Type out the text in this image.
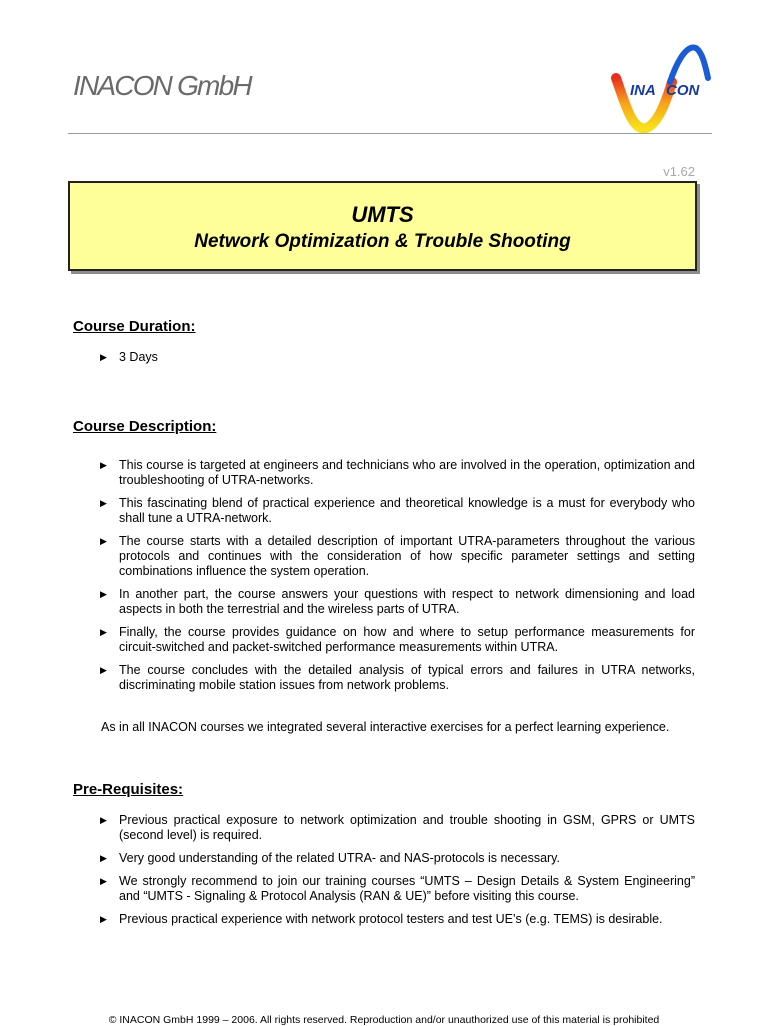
INACON GmbH	INA CON
v1.62
UMTS
Network Optimization & Trouble Shooting
Course Duration:
▶ 3 Days
Course Description:
▶ This course is targeted at engineers and technicians who are involved in the operation, optimization and troubleshooting of UTRA-networks.
▶ This fascinating blend of practical experience and theoretical knowledge is a must for everybody who shall tune a UTRA-network.
▶ The course starts with a detailed description of important UTRA-parameters throughout the various protocols and continues with the consideration of how specific parameter settings and setting combinations influence the system operation.
▶ In another part, the course answers your questions with respect to network dimensioning and load aspects in both the terrestrial and the wireless parts of UTRA.
▶ Finally, the course provides guidance on how and where to setup performance measurements for circuit-switched and packet-switched performance measurements within UTRA.
▶ The course concludes with the detailed analysis of typical errors and failures in UTRA networks, discriminating mobile station issues from network problems.
As in all INACON courses we integrated several interactive exercises for a perfect learning experience.
Pre-Requisites:
▶ Previous practical exposure to network optimization and trouble shooting in GSM, GPRS or UMTS (second level) is required.
▶ Very good understanding of the related UTRA- and NAS-protocols is necessary.
▶ We strongly recommend to join our training courses “UMTS – Design Details & System Engineering” and “UMTS - Signaling & Protocol Analysis (RAN & UE)” before visiting this course.
▶ Previous practical experience with network protocol testers and test UE’s (e.g. TEMS) is desirable.
© INACON GmbH 1999 – 2006. All rights reserved. Reproduction and/or unauthorized use of this material is prohibited
